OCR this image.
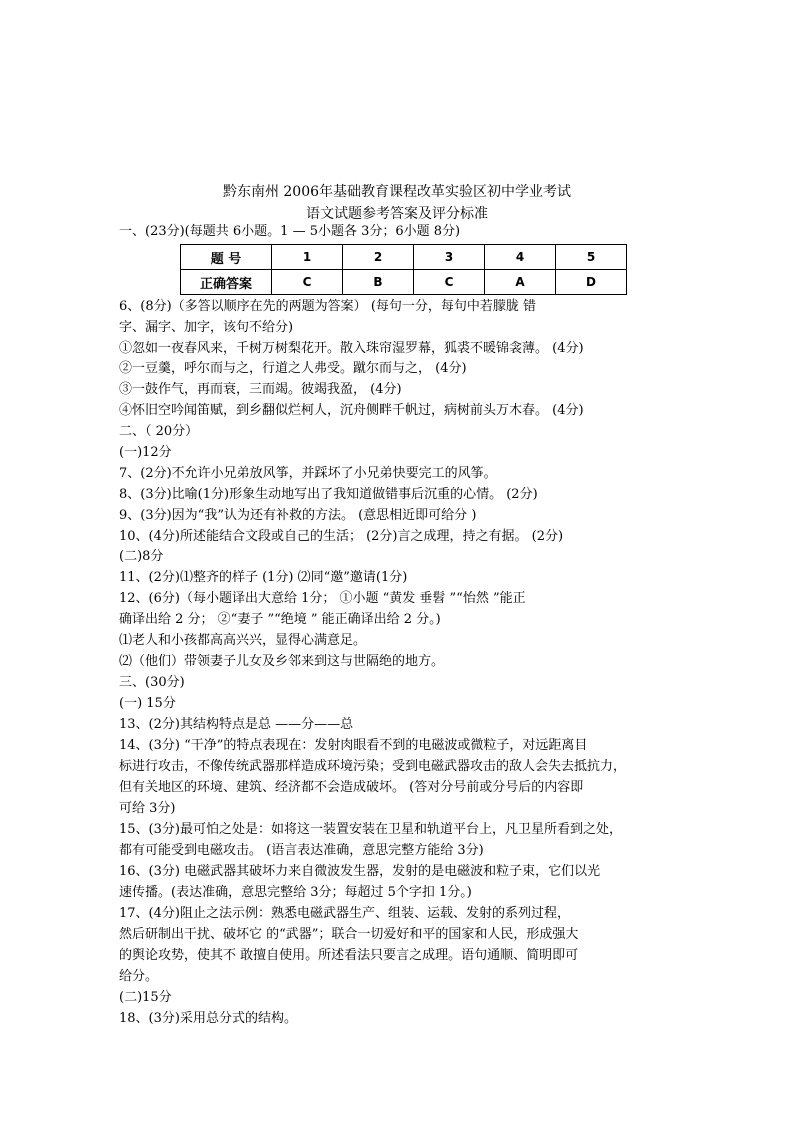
黔东南州 2006年基础教育课程改革实验区初中学业考试
语文试题参考答案及评分标准
一、(23分)(每题共 6小题。1 — 5小题各 3分；6小题 8分)
题 号	1	2	3	4	5
正确答案	C	B	C	A	D
6、(8分)（多答以顺序在先的两题为答案） (每句一分，每句中若朦胧 错
字、漏字、加字，该句不给分)
①忽如一夜春风来，千树万树梨花开。散入珠帘湿罗幕，狐裘不暖锦衾薄。 (4分)
②一豆羹，呼尔而与之，行道之人弗受。蹴尔而与之， (4分)
③一鼓作气，再而衰，三而竭。彼竭我盈， (4分)
④怀旧空吟闻笛赋，到乡翻似烂柯人，沉舟侧畔千帆过，病树前头万木春。 (4分)
二、（ 20分）
(一)12分
7、(2分)不允许小兄弟放风筝，并踩坏了小兄弟快要完工的风筝。
8、(3分)比喻(1分)形象生动地写出了我知道做错事后沉重的心情。 (2分)
9、(3分)因为“我”认为还有补救的方法。 (意思相近即可给分 )
10、(4分)所述能结合文段或自己的生活； (2分)言之成理，持之有据。 (2分)
(二)8分
11、(2分)⑴整齐的样子 (1分) ⑵同“邀”邀请(1分)
12、(6分)（每小题译出大意给 1分； ①小题 “黄发 垂髫 ”“怡然 ”能正
确译出给 2 分； ②“妻子 ”“绝境 ” 能正确译出给 2 分。)
⑴老人和小孩都高高兴兴，显得心满意足。
⑵（他们）带领妻子儿女及乡邻来到这与世隔绝的地方。
三、(30分)
(一) 15分
13、(2分)其结构特点是总 ——分——总
14、(3分) “干净”的特点表现在：发射肉眼看不到的电磁波或微粒子，对远距离目
标进行攻击，不像传统武器那样造成环境污染；受到电磁武器攻击的敌人会失去抵抗力，
但有关地区的环境、建筑、经济都不会造成破坏。 (答对分号前或分号后的内容即
可给 3分)
15、(3分)最可怕之处是：如将这一装置安装在卫星和轨道平台上，凡卫星所看到之处，
都有可能受到电磁攻击。 (语言表达准确，意思完整方能给 3分)
16、(3分) 电磁武器其破坏力来自微波发生器，发射的是电磁波和粒子束，它们以光
速传播。(表达准确，意思完整给 3分；每超过 5个字扣 1分。)
17、(4分)阻止之法示例：熟悉电磁武器生产、组装、运载、发射的系列过程，
然后研制出干扰、破坏它 的“武器”；联合一切爱好和平的国家和人民，形成强大
的舆论攻势，使其不 敢擅自使用。所述看法只要言之成理。语句通顺、简明即可
给分。
(二)15分
18、(3分)采用总分式的结构。
